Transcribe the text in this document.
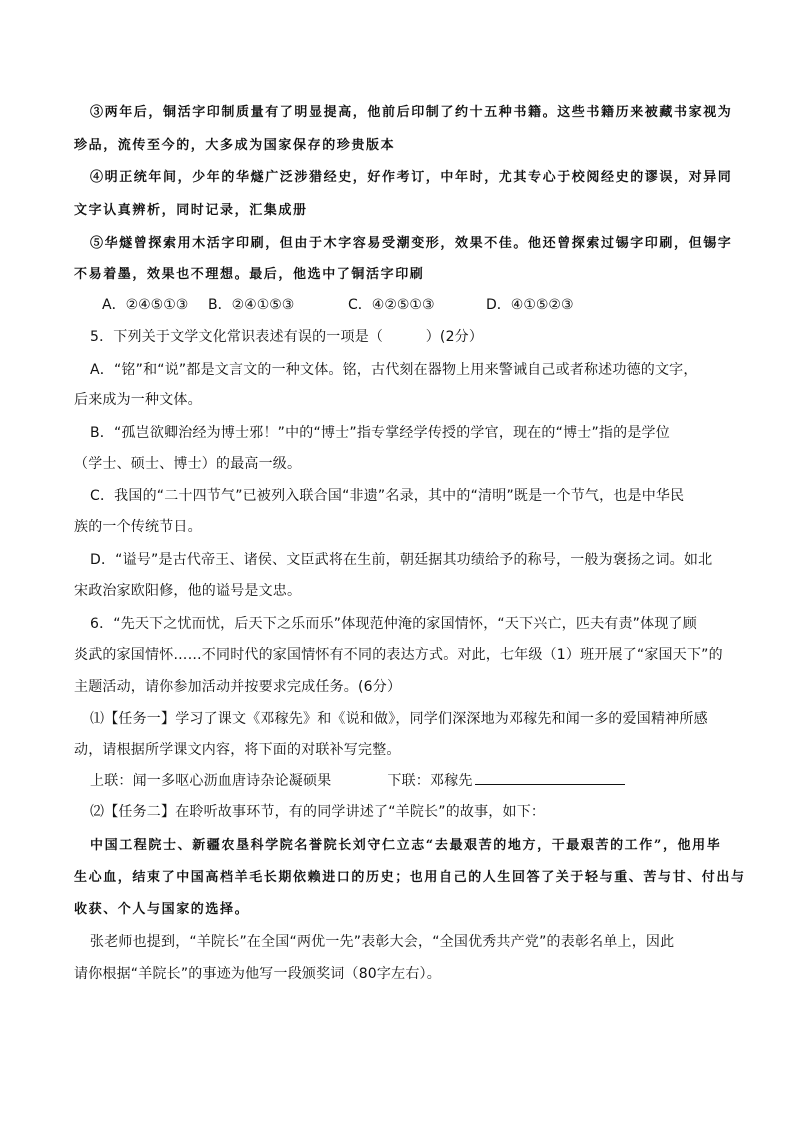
③两年后，铜活字印制质量有了明显提高，他前后印制了约十五种书籍。这些书籍历来被藏书家视为
珍品，流传至今的，大多成为国家保存的珍贵版本
④明正统年间，少年的华燧广泛涉猎经史，好作考订，中年时，尤其专心于校阅经史的谬误，对异同
文字认真辨析，同时记录，汇集成册
⑤华燧曾探索用木活字印刷，但由于木字容易受潮变形，效果不佳。他还曾探索过锡字印刷，但锡字
不易着墨，效果也不理想。最后，他选中了铜活字印刷
A．②④⑤①③ B．②④①⑤③	C．④②⑤①③	D．④①⑤②③
5．下列关于文学文化常识表述有误的一项是（　　　）(2分）
A．“铭”和“说”都是文言文的一种文体。铭，古代刻在器物上用来警诫自己或者称述功德的文字，
后来成为一种文体。
B．“孤岂欲卿治经为博士邪！”中的“博士”指专掌经学传授的学官，现在的“博士”指的是学位
（学士、硕士、博士）的最高一级。
C．我国的“二十四节气”已被列入联合国“非遗”名录，其中的“清明”既是一个节气，也是中华民
族的一个传统节日。
D．“谥号”是古代帝王、诸侯、文臣武将在生前，朝廷据其功绩给予的称号，一般为褒扬之词。如北
宋政治家欧阳修，他的谥号是文忠。
6．“先天下之忧而忧，后天下之乐而乐”体现范仲淹的家国情怀，“天下兴亡，匹夫有责”体现了顾
炎武的家国情怀……不同时代的家国情怀有不同的表达方式。对此，七年级（1）班开展了“家国天下”的
主题活动，请你参加活动并按要求完成任务。(6分）
⑴【任务一】学习了课文《邓稼先》和《说和做》，同学们深深地为邓稼先和闻一多的爱国精神所感
动，请根据所学课文内容，将下面的对联补写完整。
上联：闻一多呕心沥血唐诗杂论凝硕果	下联：邓稼先
⑵【任务二】在聆听故事环节，有的同学讲述了“羊院长”的故事，如下：
中国工程院士、新疆农垦科学院名誉院长刘守仁立志“去最艰苦的地方，干最艰苦的工作”，他用毕
生心血，结束了中国高档羊毛长期依赖进口的历史；也用自己的人生回答了关于轻与重、苦与甘、付出与
收获、个人与国家的选择。
张老师也提到，“羊院长”在全国“两优一先”表彰大会，“全国优秀共产党”的表彰名单上，因此
请你根据“羊院长”的事迹为他写一段颁奖词（80字左右）。
